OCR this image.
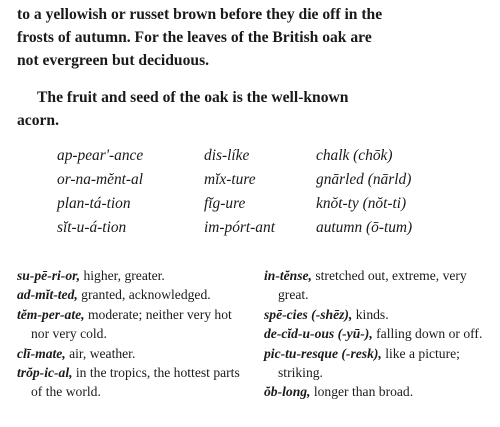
to a yellowish or russet brown before they die off in the
frosts of autumn. For the leaves of the British oak are
not evergreen but deciduous.
The fruit and seed of the oak is the well-known
acorn.
ap-pear'-ance	dis-líke	chalk (chōk)
or-na-mĕnt-al	mĭx-ture	gnārled (nārld)
plan-tá-tion	fĭg-ure	knŏt-ty (nŏt-ti)
sĭt-u-á-tion	im-pórt-ant	autumn (ō-tum)

su-pē-ri-or, higher, greater.

ad-mĭt-ted, granted, acknowledged.

tĕm-per-ate, moderate; neither very hot nor very cold.

clī-mate, air, weather.

trŏp-ic-al, in the tropics, the hottest parts of the world.

in-tĕnse, stretched out, extreme, very great.

spē-cies (-shēz), kinds.

de-cĭd-u-ous (-yū-), falling down or off.

pic-tu-resque (-resk), like a picture; striking.

ŏb-long, longer than broad.
